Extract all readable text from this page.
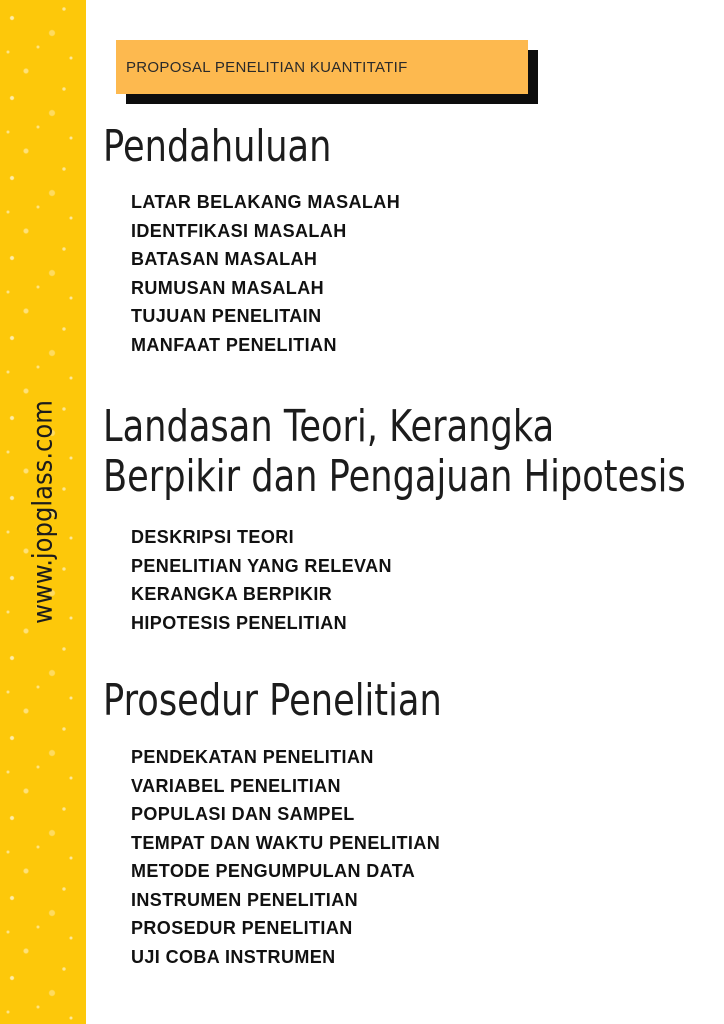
www.jopglass.com
PROPOSAL PENELITIAN KUANTITATIF
Pendahuluan
LATAR BELAKANG MASALAH
IDENTFIKASI MASALAH
BATASAN MASALAH
RUMUSAN MASALAH
TUJUAN PENELITAIN
MANFAAT PENELITIAN
Landasan Teori, Kerangka
Berpikir dan Pengajuan Hipotesis
DESKRIPSI TEORI
PENELITIAN YANG RELEVAN
KERANGKA BERPIKIR
HIPOTESIS PENELITIAN
Prosedur Penelitian
PENDEKATAN PENELITIAN
VARIABEL PENELITIAN
POPULASI DAN SAMPEL
TEMPAT DAN WAKTU PENELITIAN
METODE PENGUMPULAN DATA
INSTRUMEN PENELITIAN
PROSEDUR PENELITIAN
UJI COBA INSTRUMEN
